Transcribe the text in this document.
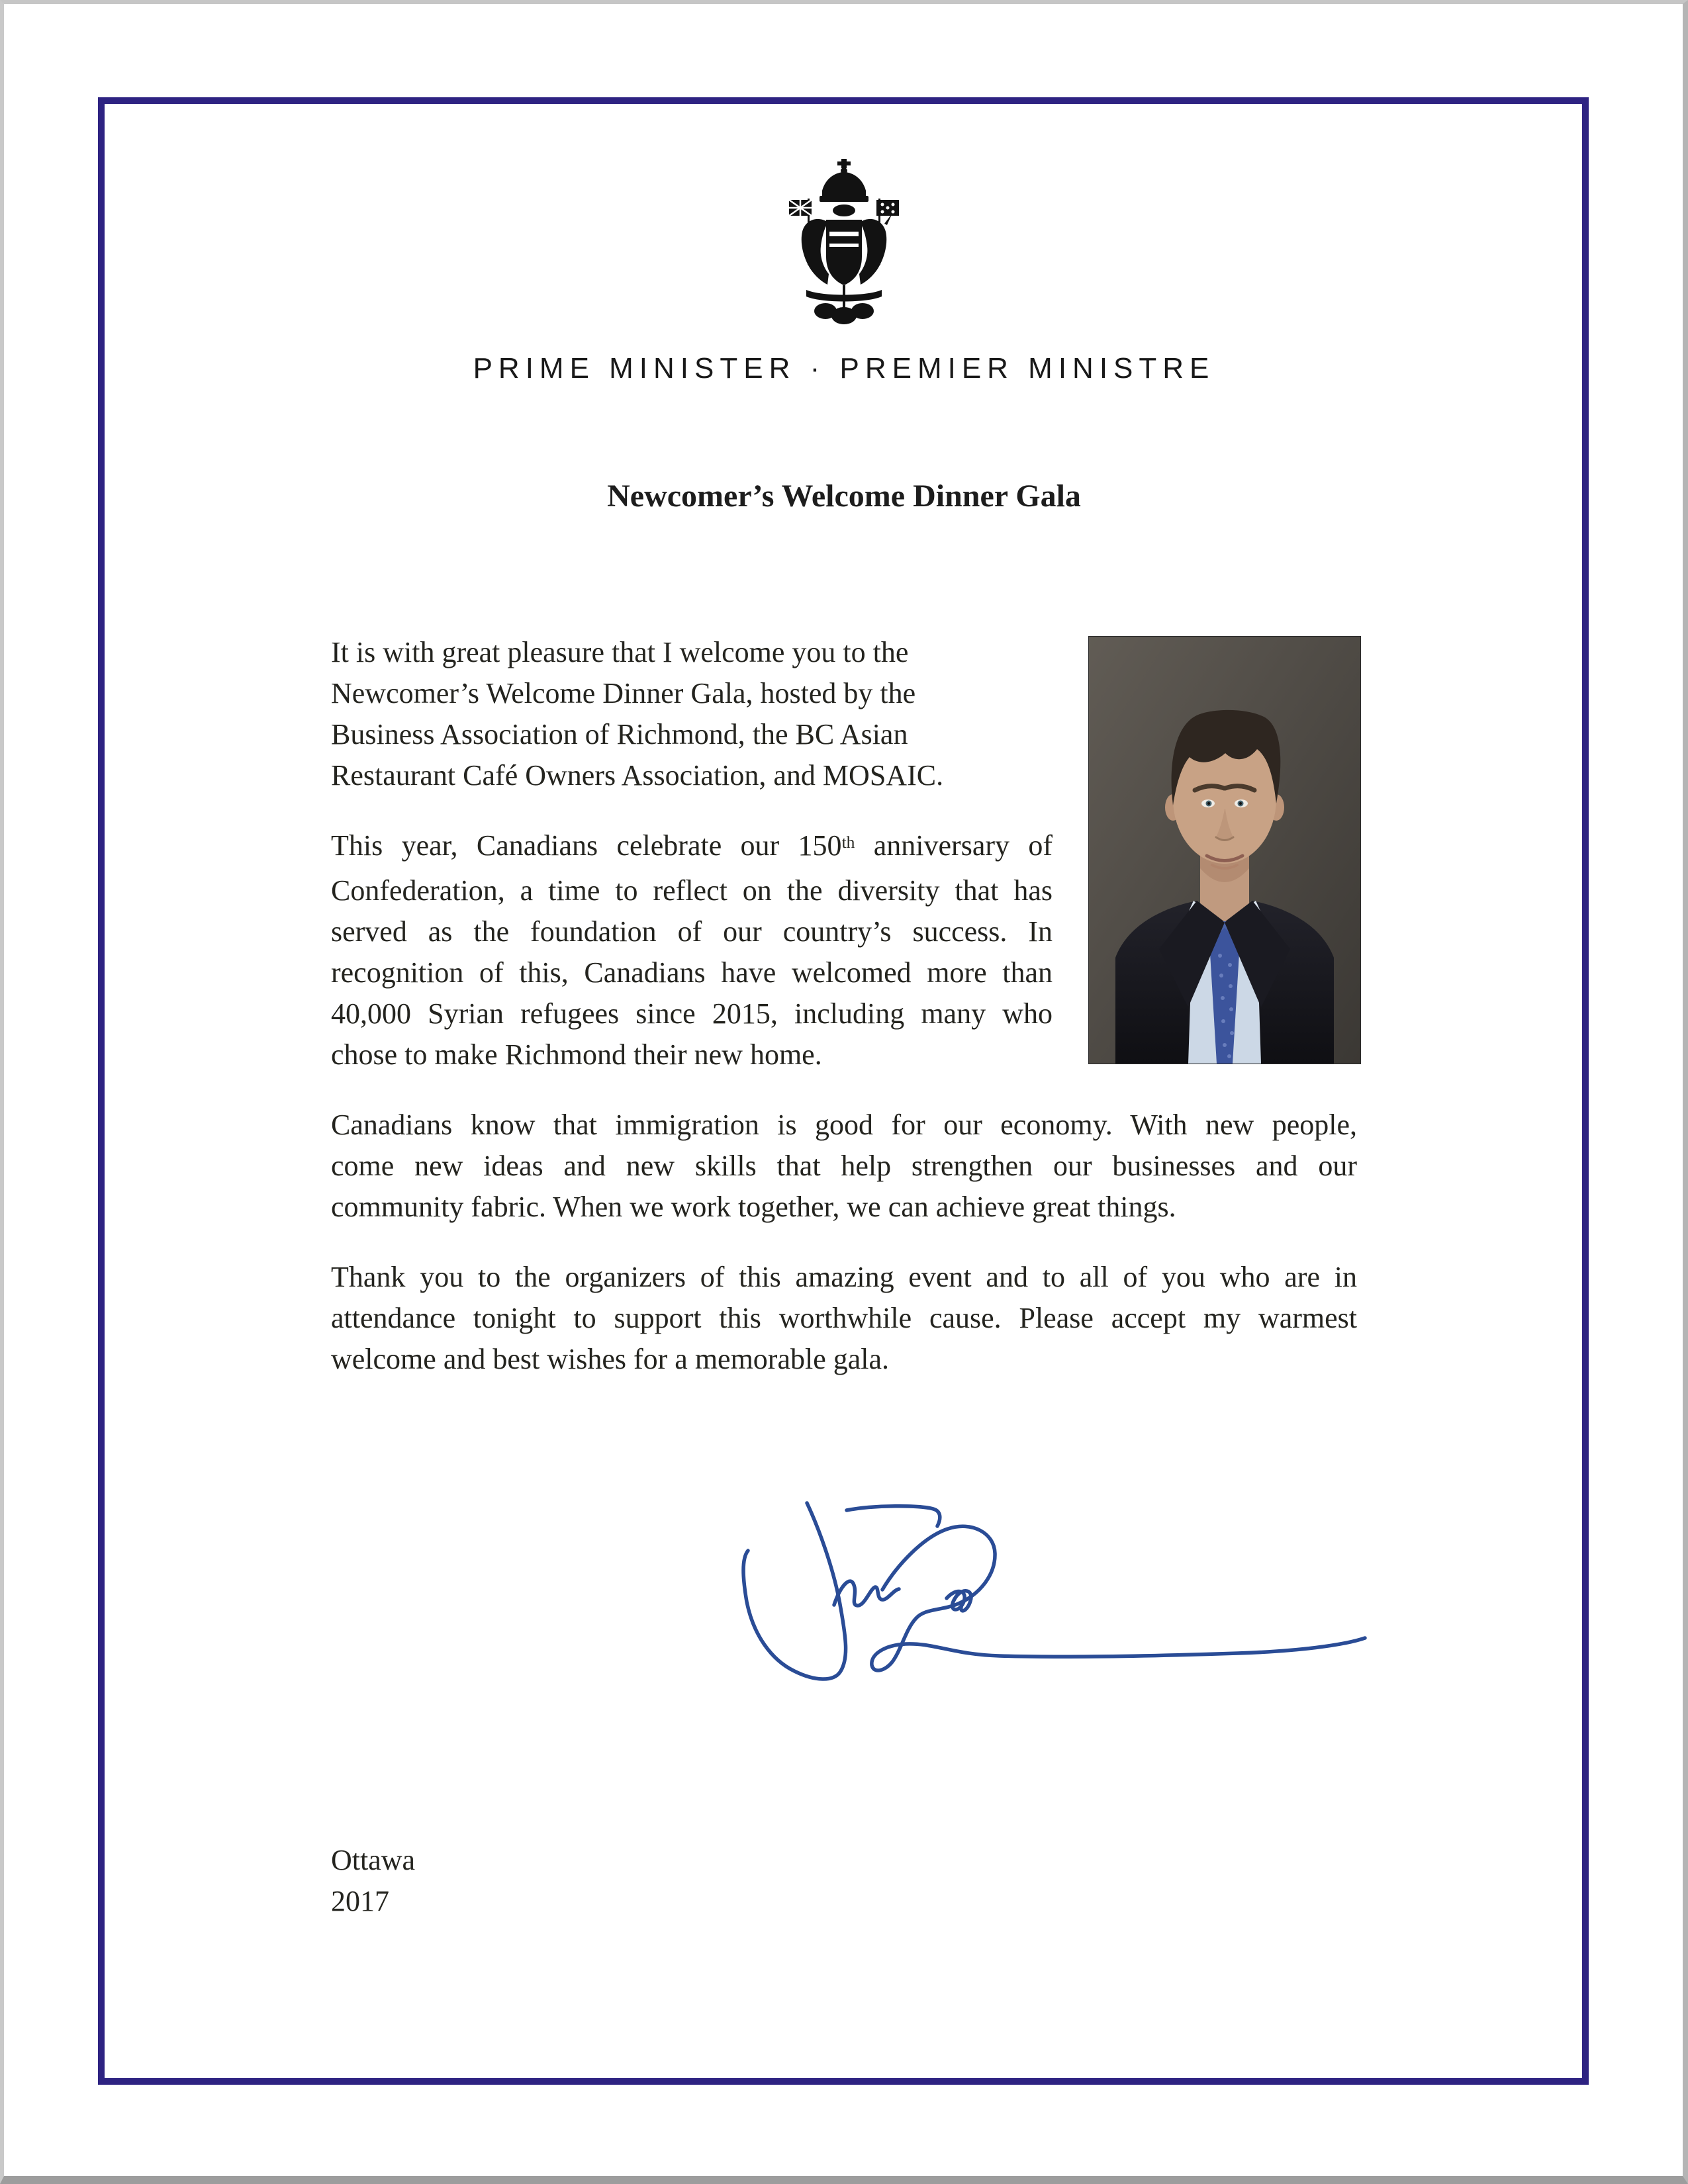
PRIME MINISTER · PREMIER MINISTRE
Newcomer’s Welcome Dinner Gala
It is with great pleasure that I welcome you to the
Newcomer’s Welcome Dinner Gala, hosted by the
Business Association of Richmond, the BC Asian
Restaurant Café Owners Association, and MOSAIC.
This year, Canadians celebrate our 150th anniversary of
Confederation, a time to reflect on the diversity that has
served as the foundation of our country’s success. In
recognition of this, Canadians have welcomed more than
40,000 Syrian refugees since 2015, including many who
chose to make Richmond their new home.
Canadians know that immigration is good for our economy. With new people,
come new ideas and new skills that help strengthen our businesses and our
community fabric. When we work together, we can achieve great things.
Thank you to the organizers of this amazing event and to all of you who are in
attendance tonight to support this worthwhile cause. Please accept my warmest
welcome and best wishes for a memorable gala.
Ottawa
2017
